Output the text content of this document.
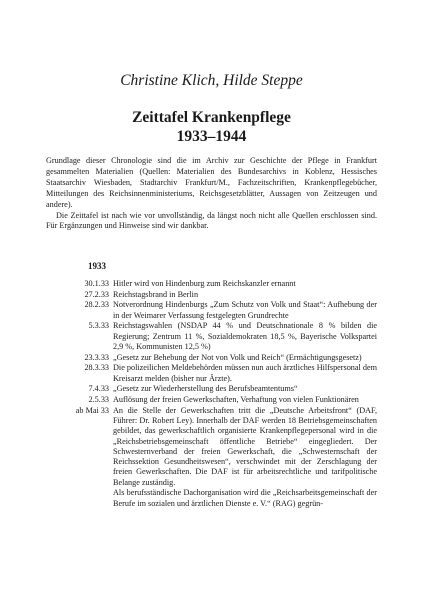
Christine Klich, Hilde Steppe
Zeittafel Krankenpflege
1933–1944

Grundlage dieser Chronologie sind die im Archiv zur Geschichte der Pflege in Frankfurt gesammelten Materialien (Quellen: Materialien des Bundesarchivs in Koblenz, Hessisches Staatsarchiv Wiesbaden, Stadtarchiv Frankfurt/M., Fachzeitschriften, Krankenpflegebücher, Mitteilungen des Reichsinnenministeriums, Reichsgesetzblätter, Aussagen von Zeitzeugen und andere).

Die Zeittafel ist nach wie vor unvollständig, da längst noch nicht alle Quellen erschlossen sind. Für Ergänzungen und Hinweise sind wir dankbar.

1933
30.1.33 Hitler wird von Hindenburg zum Reichskanzler ernannt
27.2.33 Reichstagsbrand in Berlin
28.2.33 Notverordnung Hindenburgs „Zum Schutz von Volk und Staat“: Aufhebung der in der Weimarer Verfassung festgelegten Grundrechte
5.3.33 Reichstagswahlen (NSDAP 44 % und Deutschnationale 8 % bilden die Regierung; Zentrum 11 %, Sozialdemokraten 18,5 %, Bayerische Volkspartei 2,9 %, Kommunisten 12,5 %)
23.3.33 „Gesetz zur Behebung der Not von Volk und Reich“ (Ermächtigungsgesetz)
28.3.33 Die polizeilichen Meldebehörden müssen nun auch ärztliches Hilfspersonal dem Kreisarzt melden (bisher nur Ärzte).
7.4.33 „Gesetz zur Wiederherstellung des Berufsbeamtentums“
2.5.33 Auflösung der freien Gewerkschaften, Verhaftung von vielen Funktionären
ab Mai 33 An die Stelle der Gewerkschaften tritt die „Deutsche Arbeitsfront“ (DAF, Führer: Dr. Robert Ley). Innerhalb der DAF werden 18 Betriebsgemeinschaften gebildet, das gewerkschaftlich organisierte Krankenpflegepersonal wird in die „Reichsbetriebsgemeinschaft öffentliche Betriebe“ eingegliedert. Der Schwesternverband der freien Gewerkschaft, die „Schwesternschaft der Reichssektion Gesundheitswesen“, verschwindet mit der Zerschlagung der freien Gewerkschaften. Die DAF ist für arbeitsrechtliche und tarifpolitische Belange zuständig.
Als berufsständische Dachorganisation wird die „Reichsarbeitsgemeinschaft der Berufe im sozialen und ärztlichen Dienste e. V.“ (RAG) gegrün-
